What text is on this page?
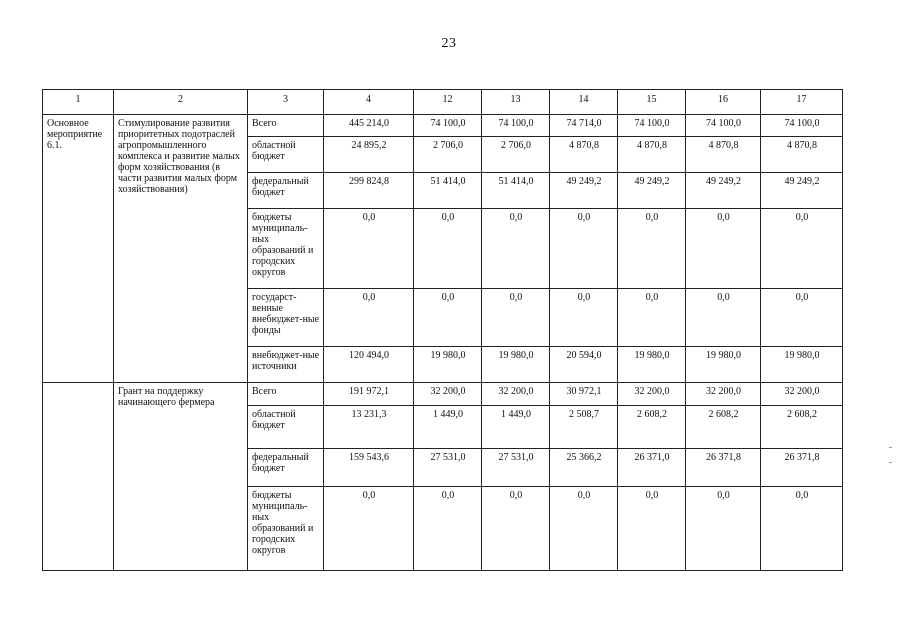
23
1	2	3	4	12	13	14	15	16	17
Основное мероприятие 6.1.	Стимулирование развития приоритетных подотраслей агропромышленного комплекса и развитие малых форм хозяйствования (в части развития малых форм хозяйствования)	Всего	445 214,0	74 100,0	74 100,0	74 714,0	74 100,0	74 100,0	74 100,0
		областной бюджет	24 895,2	2 706,0	2 706,0	4 870,8	4 870,8	4 870,8	4 870,8
		федеральный бюджет	299 824,8	51 414,0	51 414,0	49 249,2	49 249,2	49 249,2	49 249,2
		бюджеты муниципаль-ных образований и городских округов	0,0	0,0	0,0	0,0	0,0	0,0	0,0
		государст-венные внебюджет-ные фонды	0,0	0,0	0,0	0,0	0,0	0,0	0,0
		внебюджет-ные источники	120 494,0	19 980,0	19 980,0	20 594,0	19 980,0	19 980,0	19 980,0
	Грант на поддержку начинающего фермера	Всего	191 972,1	32 200,0	32 200,0	30 972,1	32 200,0	32 200,0	32 200,0
		областной бюджет	13 231,3	1 449,0	1 449,0	2 508,7	2 608,2	2 608,2	2 608,2
		федеральный бюджет	159 543,6	27 531,0	27 531,0	25 366,2	26 371,0	26 371,8	26 371,8
		бюджеты муниципаль-ных образований и городских округов	0,0	0,0	0,0	0,0	0,0	0,0	0,0
